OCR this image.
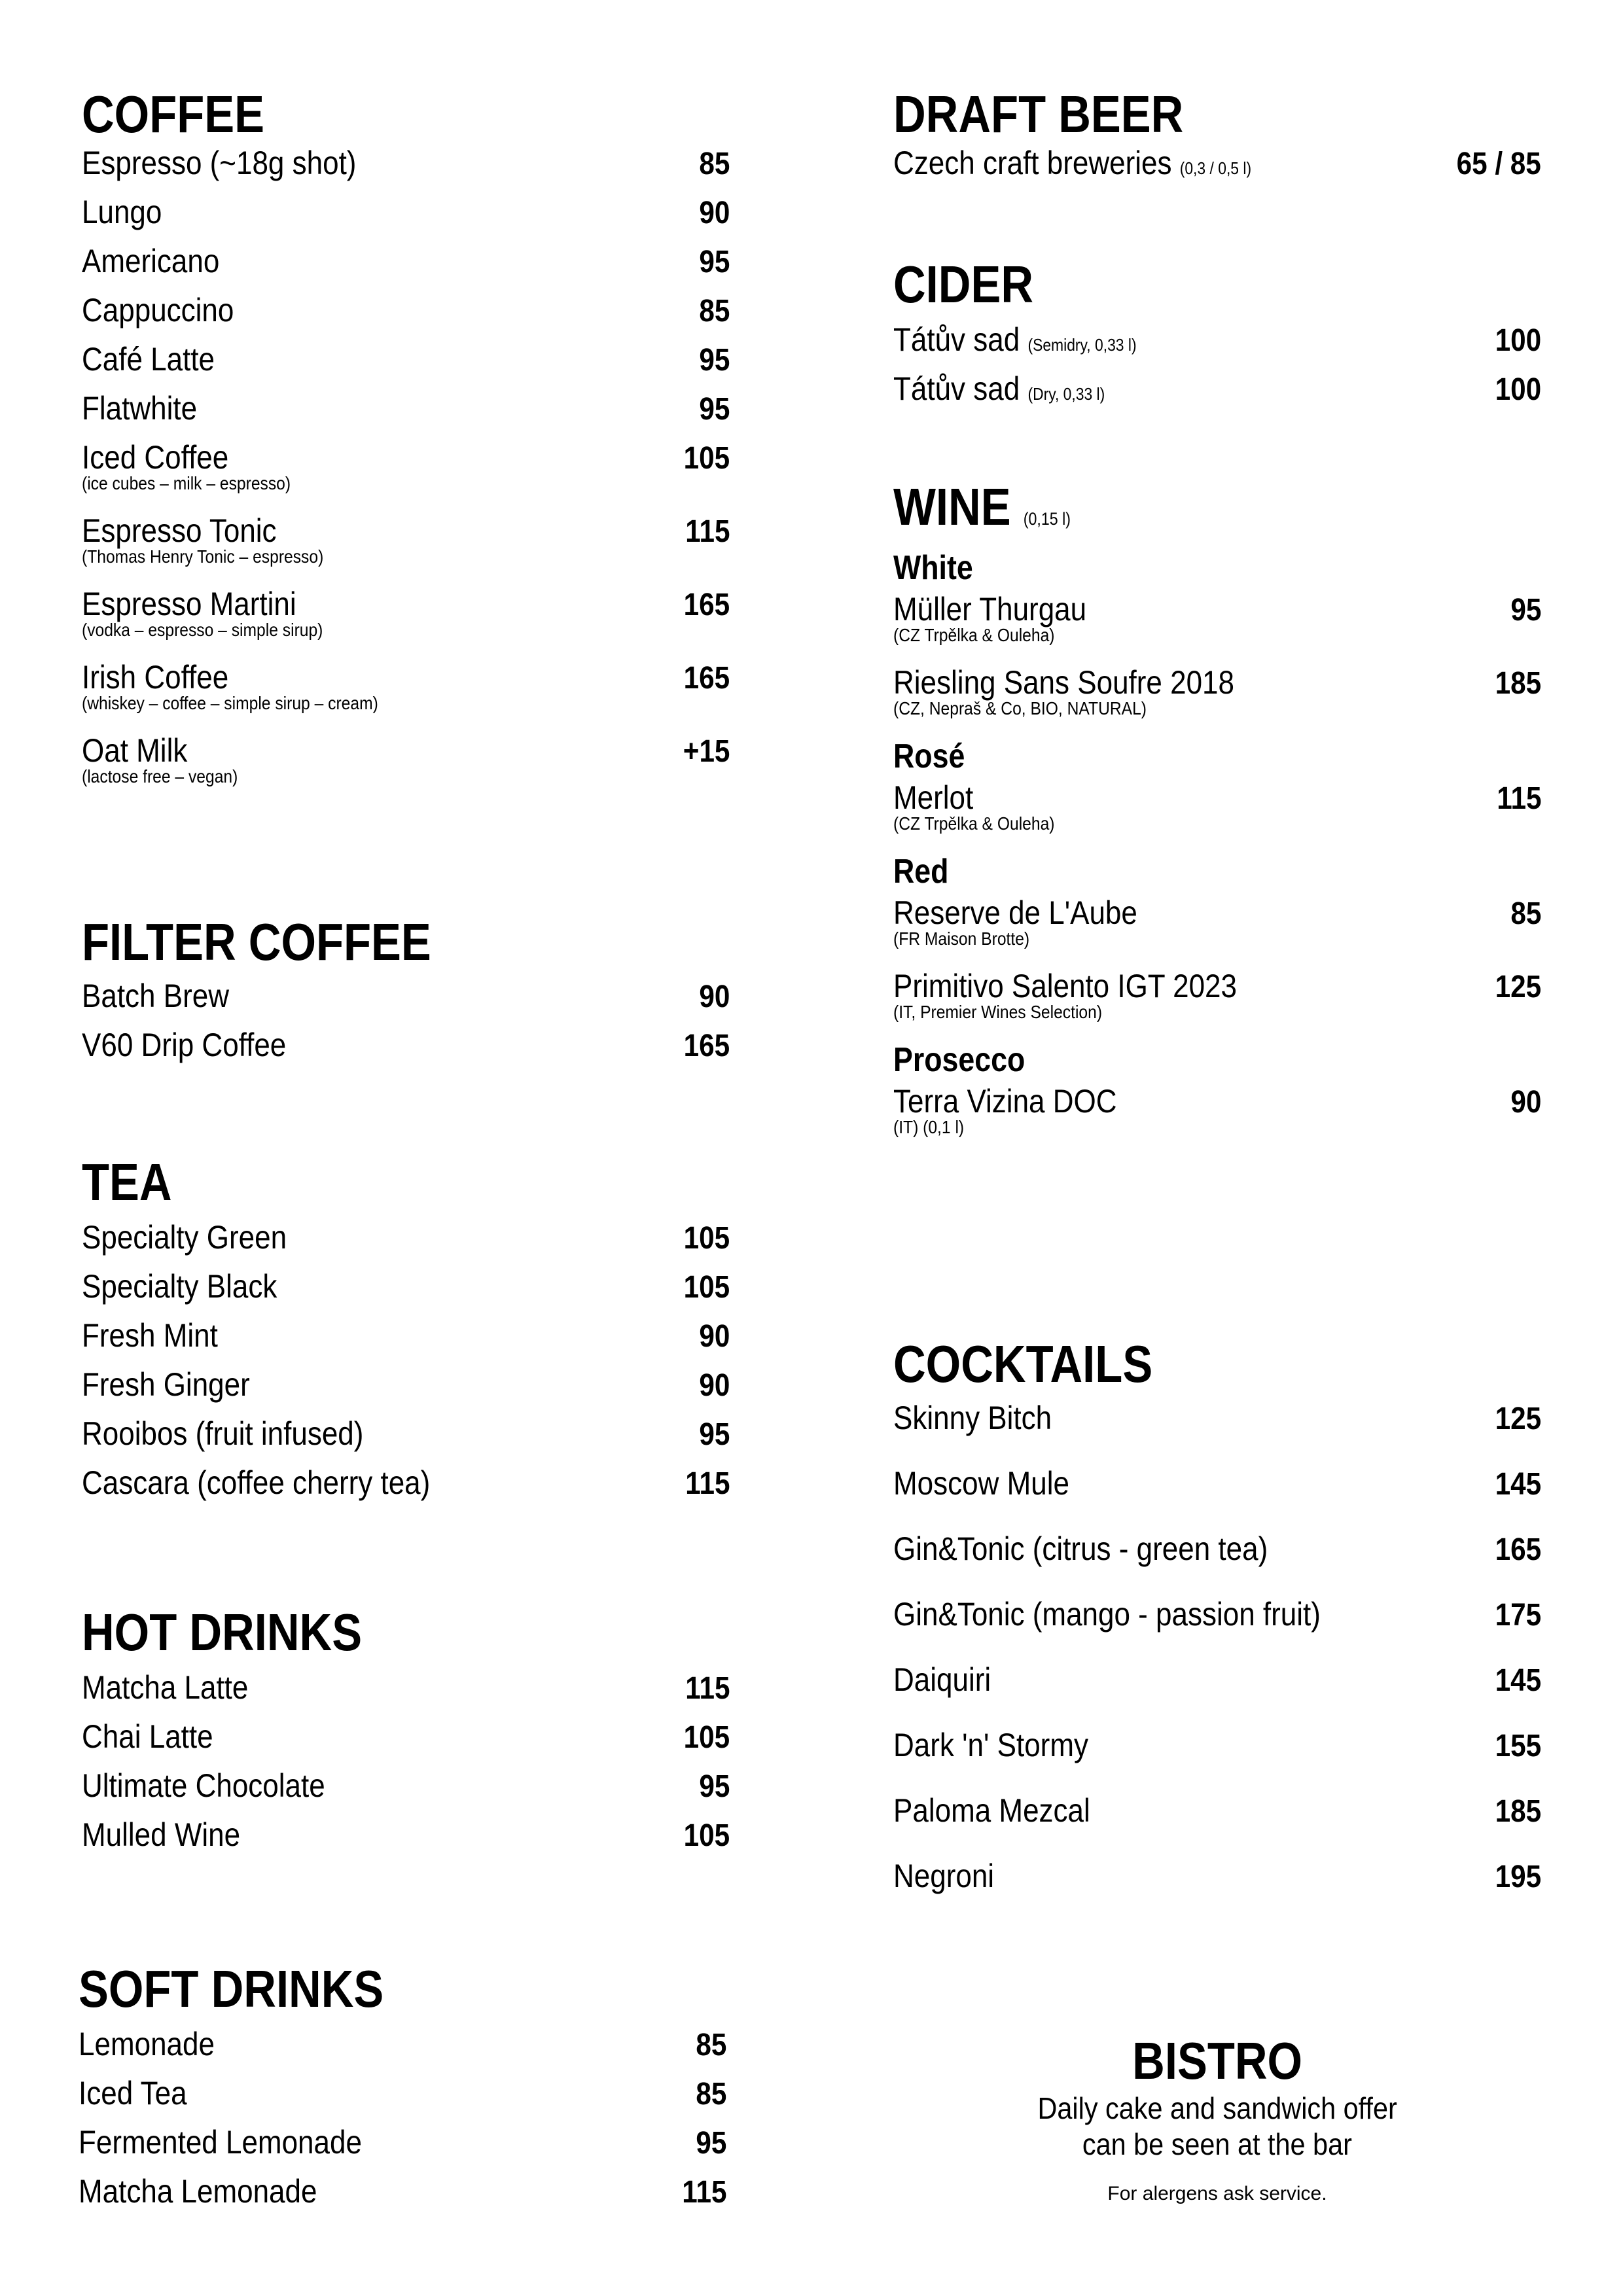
COFFEE
Espresso (~18g shot)	85
Lungo	90
Americano	95
Cappuccino	85
Café Latte	95
Flatwhite	95
Iced Coffee	105
(ice cubes – milk – espresso)
Espresso Tonic	115
(Thomas Henry Tonic – espresso)
Espresso Martini	165
(vodka – espresso – simple sirup)
Irish Coffee	165
(whiskey – coffee – simple sirup – cream)
Oat Milk	+15
(lactose free – vegan)
FILTER COFFEE
Batch Brew	90
V60 Drip Coffee	165
TEA
Specialty Green	105
Specialty Black	105
Fresh Mint	90
Fresh Ginger	90
Rooibos (fruit infused)	95
Cascara (coffee cherry tea)	115
HOT DRINKS
Matcha Latte	115
Chai Latte	105
Ultimate Chocolate	95
Mulled Wine	105
SOFT DRINKS
Lemonade	85
Iced Tea	85
Fermented Lemonade	95
Matcha Lemonade	115
DRAFT BEER
Czech craft breweries (0,3 / 0,5 l)	65 / 85
CIDER
Tátův sad (Semidry, 0,33 l)	100
Tátův sad (Dry, 0,33 l)	100
WINE (0,15 l)
White
Müller Thurgau	95
(CZ Trpělka & Ouleha)
Riesling Sans Soufre 2018	185
(CZ, Nepraš & Co, BIO, NATURAL)
Rosé
Merlot	115
(CZ Trpělka & Ouleha)
Red
Reserve de L'Aube	85
(FR Maison Brotte)
Primitivo Salento IGT 2023	125
(IT, Premier Wines Selection)
Prosecco
Terra Vizina DOC	90
(IT) (0,1 l)
COCKTAILS
Skinny Bitch	125
Moscow Mule	145
Gin&Tonic (citrus - green tea)	165
Gin&Tonic (mango - passion fruit)	175
Daiquiri	145
Dark 'n' Stormy	155
Paloma Mezcal	185
Negroni	195
BISTRO
Daily cake and sandwich offer
can be seen at the bar
For alergens ask service.
